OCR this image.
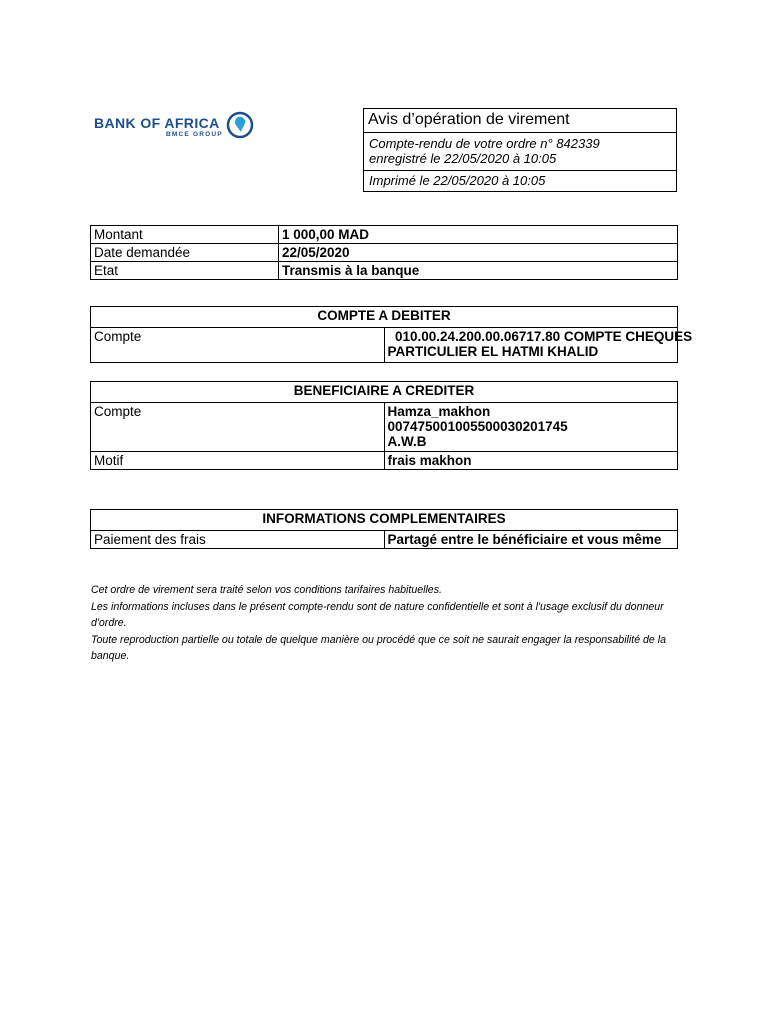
BANK OF AFRICA
BMCE GROUP
Avis d’opération de virement
Compte-rendu de votre ordre n° 842339
enregistré le 22/05/2020 à 10:05
Imprimé le 22/05/2020 à 10:05
Montant	1 000,00 MAD
Date demandée	22/05/2020
Etat	Transmis à la banque
COMPTE A DEBITER
Compte	010.00.24.200.00.06717.80 COMPTE CHEQUES
PARTICULIER EL HATMI KHALID
BENEFICIAIRE A CREDITER	
Compte	Hamza_makhon
007475001005500030201745
A.W.B

Motif	frais makhon
INFORMATIONS COMPLEMENTAIRES
Paiement des frais	Partagé entre le bénéficiaire et vous même

Cet ordre de virement sera traité selon vos conditions tarifaires habituelles.

Les informations incluses dans le présent compte-rendu sont de nature confidentielle et sont à l'usage exclusif du donneur d'ordre.

Toute reproduction partielle ou totale de quelque manière ou procédé que ce soit ne saurait engager la responsabilité de la banque.
